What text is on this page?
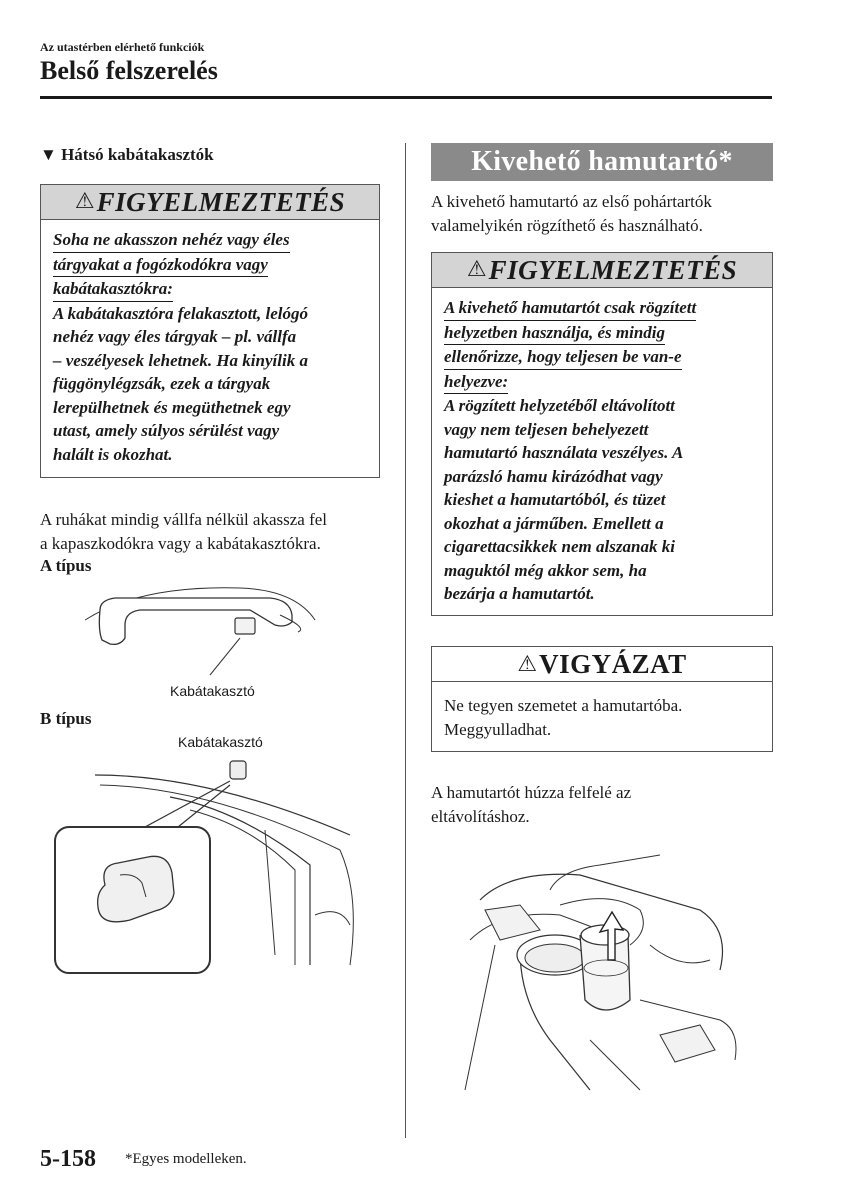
Az utastérben elérhető funkciók
Belső felszerelés
▼ Hátsó kabátakasztók
⚠ FIGYELMEZTETÉS
Soha ne akasszon nehéz vagy éles
tárgyakat a fogózkodókra vagy
kabátakasztókra:
A kabátakasztóra felakasztott, lelógó
nehéz vagy éles tárgyak – pl. vállfa
– veszélyesek lehetnek. Ha kinyílik a
függönylégzsák, ezek a tárgyak
lerepülhetnek és megüthetnek egy
utast, amely súlyos sérülést vagy
halált is okozhat.
A ruhákat mindig vállfa nélkül akassza fel
a kapaszkodókra vagy a kabátakasztókra.
A típus
Kabátakasztó
B típus
Kabátakasztó
Kivehető hamutartó*
A kivehető hamutartó az első pohártartók
valamelyikén rögzíthető és használható.
⚠ FIGYELMEZTETÉS
A kivehető hamutartót csak rögzített
helyzetben használja, és mindig
ellenőrizze, hogy teljesen be van-e
helyezve:
A rögzített helyzetéből eltávolított
vagy nem teljesen behelyezett
hamutartó használata veszélyes. A
parázsló hamu kirázódhat vagy
kieshet a hamutartóból, és tüzet
okozhat a járműben. Emellett a
cigarettacsikkek nem alszanak ki
maguktól még akkor sem, ha
bezárja a hamutartót.
⚠ VIGYÁZAT
Ne tegyen szemetet a hamutartóba.
Meggyulladhat.
A hamutartót húzza felfelé az
eltávolításhoz.
5-158 *Egyes modelleken.
